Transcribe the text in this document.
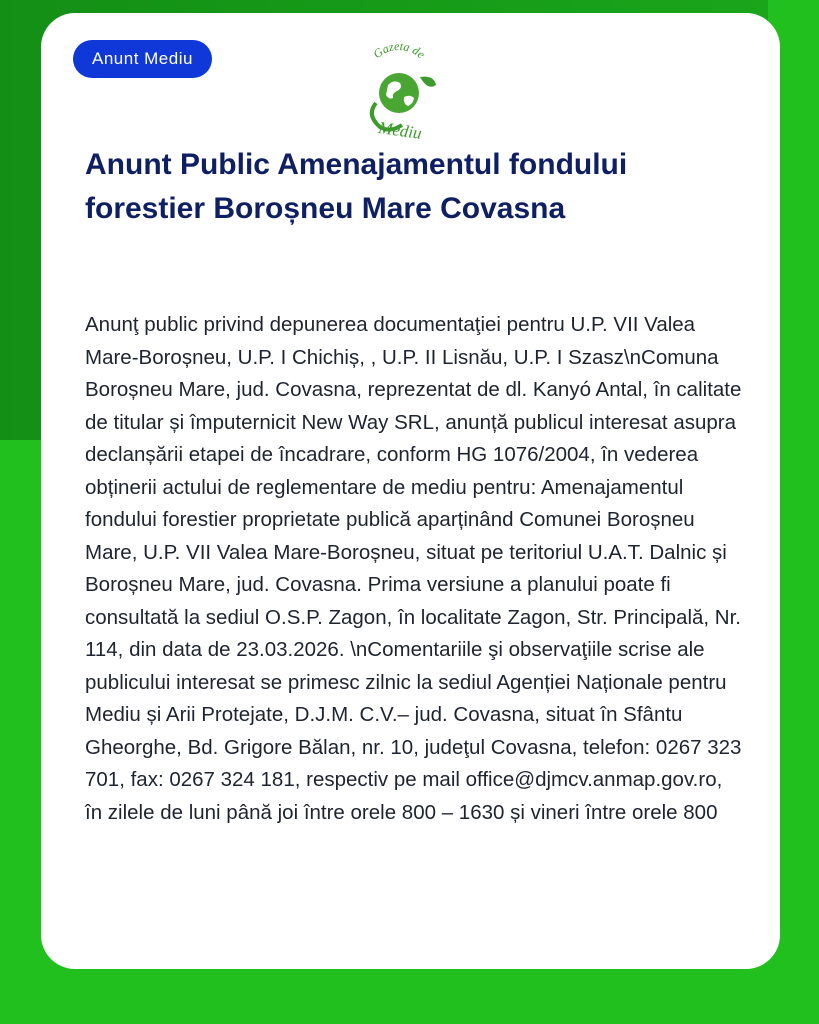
Anunt Mediu	Gazeta de
Mediu
Anunt Public Amenajamentul fondului forestier Boroșneu Mare Covasna
Anunţ public privind depunerea documentaţiei pentru U.P. VII Valea Mare-Boroșneu, U.P. I Chichiș, , U.P. II Lisnău, U.P. I Szasz\nComuna Boroșneu Mare, jud. Covasna, reprezentat de dl. Kanyó Antal, în calitate de titular și împuternicit New Way SRL, anunță publicul interesat asupra declanșării etapei de încadrare, conform HG 1076/2004, în vederea obținerii actului de reglementare de mediu pentru: Amenajamentul fondului forestier proprietate publică aparținând Comunei Boroșneu Mare, U.P. VII Valea Mare-Boroșneu, situat pe teritoriul U.A.T. Dalnic și Boroșneu Mare, jud. Covasna. Prima versiune a planului poate fi consultată la sediul O.S.P. Zagon, în localitate Zagon, Str. Principală, Nr. 114, din data de 23.03.2026. \nComentariile şi observaţiile scrise ale publicului interesat se primesc zilnic la sediul Agenției Naționale pentru Mediu și Arii Protejate, D.J.M. C.V.– jud. Covasna, situat în Sfântu Gheorghe, Bd. Grigore Bălan, nr. 10, judeţul Covasna, telefon: 0267 323 701, fax: 0267 324 181, respectiv pe mail office@djmcv.anmap.gov.ro, în zilele de luni până joi între orele 800 – 1630 și vineri între orele 800
